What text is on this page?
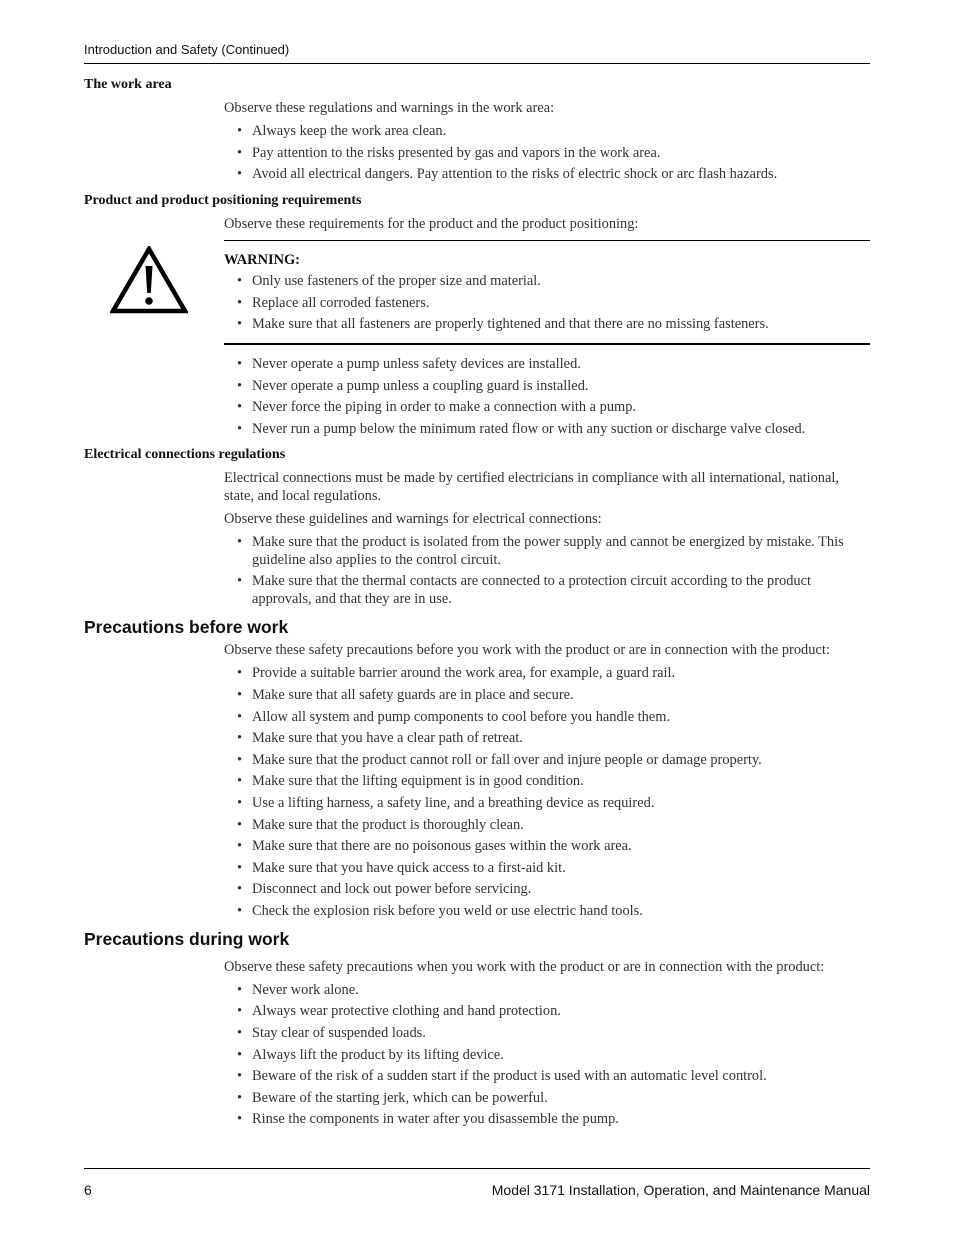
Introduction and Safety (Continued)
The work area

Observe these regulations and warnings in the work area:

• Always keep the work area clean.
• Pay attention to the risks presented by gas and vapors in the work area.
• Avoid all electrical dangers. Pay attention to the risks of electric shock or arc flash hazards.
Product and product positioning requirements

Observe these requirements for the product and the product positioning:

WARNING:
• Only use fasteners of the proper size and material.
• Replace all corroded fasteners.
• Make sure that all fasteners are properly tightened and that there are no missing fasteners.
• Never operate a pump unless safety devices are installed.
• Never operate a pump unless a coupling guard is installed.
• Never force the piping in order to make a connection with a pump.
• Never run a pump below the minimum rated flow or with any suction or discharge valve closed.
Electrical connections regulations

Electrical connections must be made by certified electricians in compliance with all international, national, state, and local regulations.

Observe these guidelines and warnings for electrical connections:

• Make sure that the product is isolated from the power supply and cannot be energized by mistake. This guideline also applies to the control circuit.
• Make sure that the thermal contacts are connected to a protection circuit according to the product approvals, and that they are in use.
Precautions before work

Observe these safety precautions before you work with the product or are in connection with the product:

• Provide a suitable barrier around the work area, for example, a guard rail.
• Make sure that all safety guards are in place and secure.
• Allow all system and pump components to cool before you handle them.
• Make sure that you have a clear path of retreat.
• Make sure that the product cannot roll or fall over and injure people or damage property.
• Make sure that the lifting equipment is in good condition.
• Use a lifting harness, a safety line, and a breathing device as required.
• Make sure that the product is thoroughly clean.
• Make sure that there are no poisonous gases within the work area.
• Make sure that you have quick access to a first-aid kit.
• Disconnect and lock out power before servicing.
• Check the explosion risk before you weld or use electric hand tools.
Precautions during work

Observe these safety precautions when you work with the product or are in connection with the product:

• Never work alone.
• Always wear protective clothing and hand protection.
• Stay clear of suspended loads.
• Always lift the product by its lifting device.
• Beware of the risk of a sudden start if the product is used with an automatic level control.
• Beware of the starting jerk, which can be powerful.
• Rinse the components in water after you disassemble the pump.
6	Model 3171 Installation, Operation, and Maintenance Manual
